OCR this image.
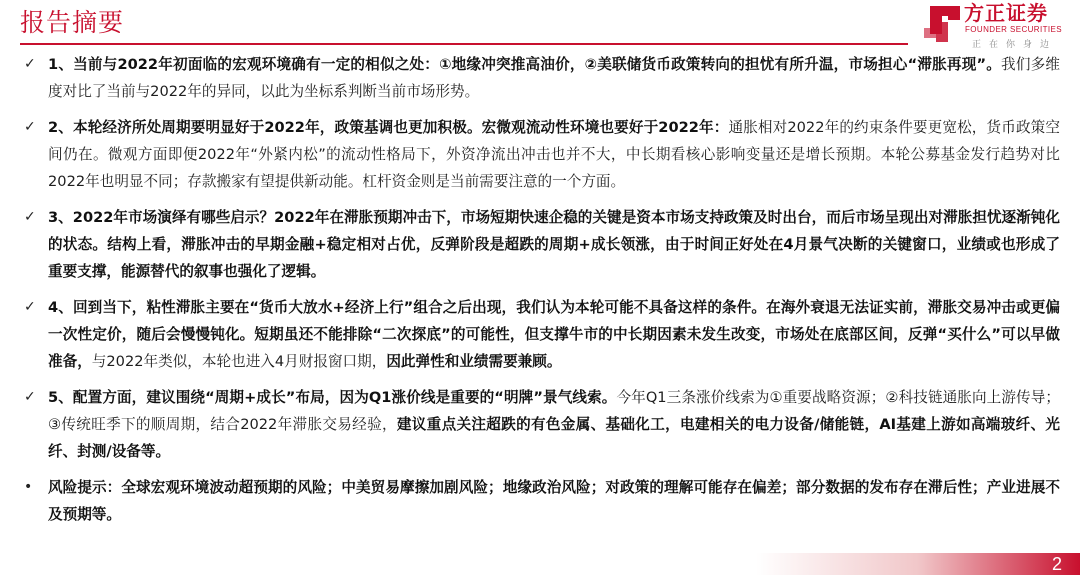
报告摘要	方正证券
FOUNDER SECURITIES
正在你身边
✓ 1、当前与2022年初面临的宏观环境确有一定的相似之处：①地缘冲突推高油价，②美联储货币政策转向的担忧有所升温，市场担心“滞胀再现”。我们多维度对比了当前与2022年的异同，以此为坐标系判断当前市场形势。
✓ 2、本轮经济所处周期要明显好于2022年，政策基调也更加积极。宏微观流动性环境也要好于2022年：通胀相对2022年的约束条件要更宽松，货币政策空间仍在。微观方面即便2022年“外紧内松”的流动性格局下，外资净流出冲击也并不大，中长期看核心影响变量还是增长预期。本轮公募基金发行趋势对比2022年也明显不同；存款搬家有望提供新动能。杠杆资金则是当前需要注意的一个方面。
✓ 3、2022年市场演绎有哪些启示？2022年在滞胀预期冲击下，市场短期快速企稳的关键是资本市场支持政策及时出台，而后市场呈现出对滞胀担忧逐渐钝化的状态。结构上看，滞胀冲击的早期金融+稳定相对占优，反弹阶段是超跌的周期+成长领涨，由于时间正好处在4月景气决断的关键窗口，业绩或也形成了重要支撑，能源替代的叙事也强化了逻辑。
✓ 4、回到当下，粘性滞胀主要在“货币大放水+经济上行”组合之后出现，我们认为本轮可能不具备这样的条件。在海外衰退无法证实前，滞胀交易冲击或更偏一次性定价，随后会慢慢钝化。短期虽还不能排除“二次探底”的可能性，但支撑牛市的中长期因素未发生改变，市场处在底部区间，反弹“买什么”可以早做准备，与2022年类似，本轮也进入4月财报窗口期，因此弹性和业绩需要兼顾。
✓ 5、配置方面，建议围绕“周期+成长”布局，因为Q1涨价线是重要的“明牌”景气线索。今年Q1三条涨价线索为①重要战略资源；②科技链通胀向上游传导；③传统旺季下的顺周期，结合2022年滞胀交易经验，建议重点关注超跌的有色金属、基础化工，电建相关的电力设备/储能链，AI基建上游如高端玻纤、光纤、封测/设备等。
• 风险提示：全球宏观环境波动超预期的风险；中美贸易摩擦加剧风险；地缘政治风险；对政策的理解可能存在偏差；部分数据的发布存在滞后性；产业进展不及预期等。
2
